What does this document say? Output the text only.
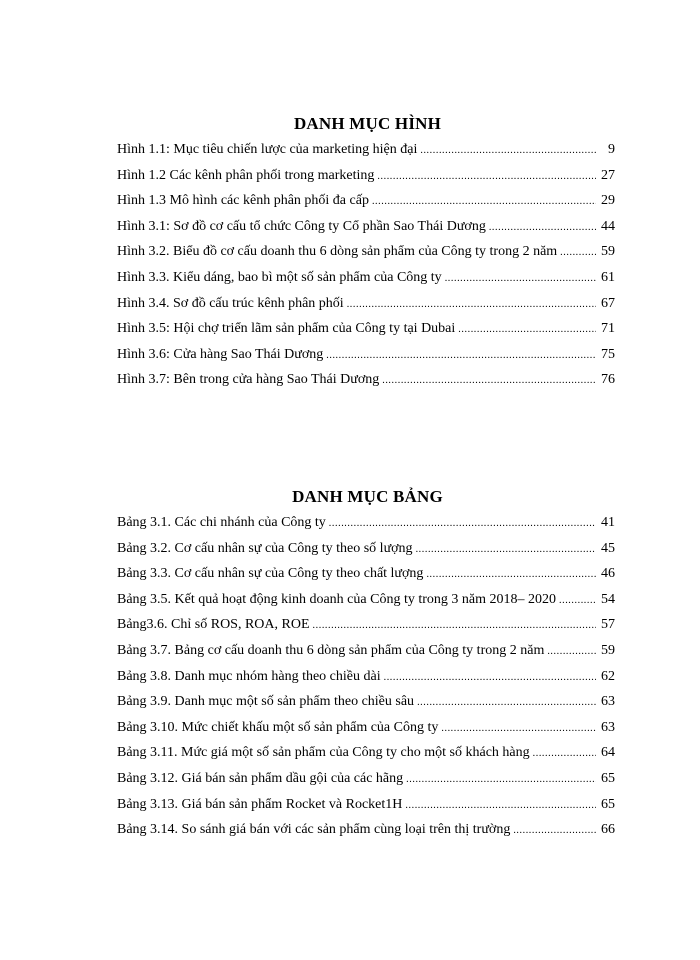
DANH MỤC HÌNH
Hình 1.1: Mục tiêu chiến lược của marketing hiện đại .....	9
Hình 1.2 Các kênh phân phối trong marketing .....	27
Hình 1.3 Mô hình các kênh phân phối đa cấp .....	29
Hình 3.1: Sơ đồ cơ cấu tổ chức Công ty Cổ phần Sao Thái Dương .....	44
Hình 3.2. Biểu đồ cơ cấu doanh thu 6 dòng sản phẩm của Công ty trong 2 năm .....	59
Hình 3.3. Kiểu dáng, bao bì một số sản phẩm của Công ty .....	61
Hình 3.4. Sơ đồ cấu trúc kênh phân phối .....	67
Hình 3.5: Hội chợ triển lãm sản phẩm của Công ty tại Dubai .....	71
Hình 3.6: Cửa hàng Sao Thái Dương .....	75
Hình 3.7: Bên trong cửa hàng Sao Thái Dương .....	76
DANH MỤC BẢNG
Bảng 3.1. Các chi nhánh của Công ty .....	41
Bảng 3.2. Cơ cấu nhân sự của Công ty theo số lượng .....	45
Bảng 3.3. Cơ cấu nhân sự của Công ty theo chất lượng .....	46
Bảng 3.5. Kết quả hoạt động kinh doanh của Công ty trong 3 năm 2018– 2020 .....	54
Bảng3.6. Chỉ số ROS, ROA, ROE .....	57
Bảng 3.7. Bảng cơ cấu doanh thu 6 dòng sản phẩm của Công ty trong 2 năm .....	59
Bảng 3.8. Danh mục nhóm hàng theo chiều dài .....	62
Bảng 3.9. Danh mục một số sản phẩm theo chiều sâu .....	63
Bảng 3.10. Mức chiết khấu một số sản phẩm của Công ty .....	63
Bảng 3.11. Mức giá một số sản phẩm của Công ty cho một số khách hàng .....	64
Bảng 3.12. Giá bán sản phẩm dầu gội của các hãng .....	65
Bảng 3.13. Giá bán sản phẩm Rocket và Rocket1H .....	65
Bảng 3.14. So sánh giá bán với các sản phẩm cùng loại trên thị trường .....	66
